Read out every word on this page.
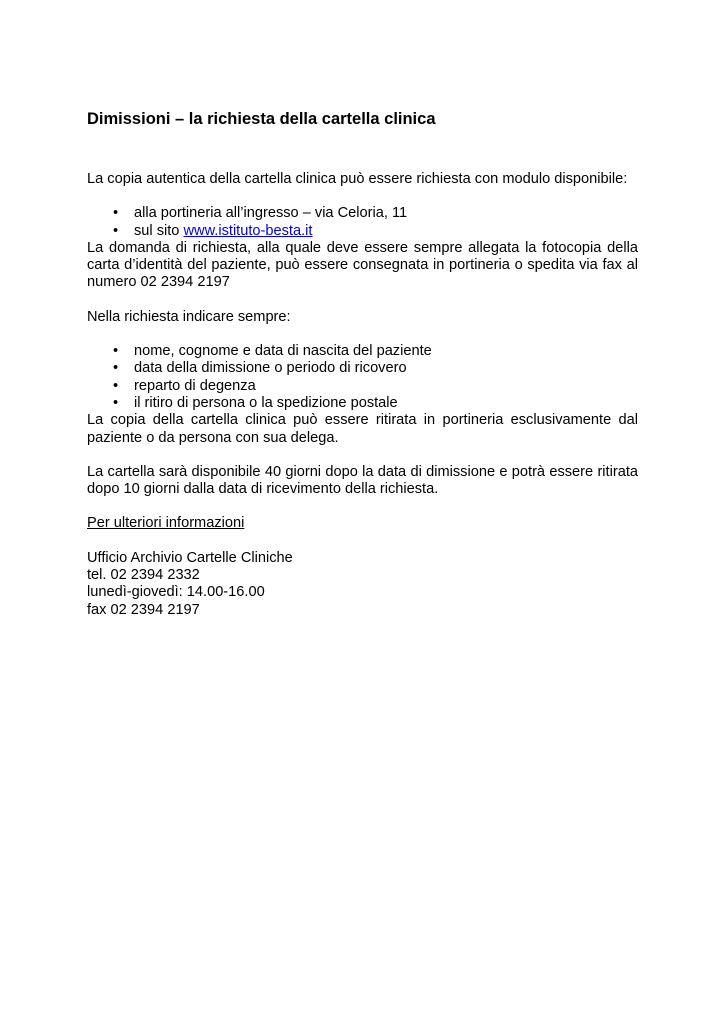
Dimissioni – la richiesta della cartella clinica

La copia autentica della cartella clinica può essere richiesta con modulo disponibile:

• alla portineria all’ingresso – via Celoria, 11
• sul sito www.istituto-besta.it

La domanda di richiesta, alla quale deve essere sempre allegata la fotocopia della carta d’identità del paziente, può essere consegnata in portineria o spedita via fax al numero 02 2394 2197

Nella richiesta indicare sempre:

• nome, cognome e data di nascita del paziente
• data della dimissione o periodo di ricovero
• reparto di degenza
• il ritiro di persona o la spedizione postale

La copia della cartella clinica può essere ritirata in portineria esclusivamente dal paziente o da persona con sua delega.

La cartella sarà disponibile 40 giorni dopo la data di dimissione e potrà essere ritirata dopo 10 giorni dalla data di ricevimento della richiesta.

Per ulteriori informazioni

Ufficio Archivio Cartelle Cliniche

tel. 02 2394 2332

lunedì-giovedì: 14.00-16.00

fax 02 2394 2197
